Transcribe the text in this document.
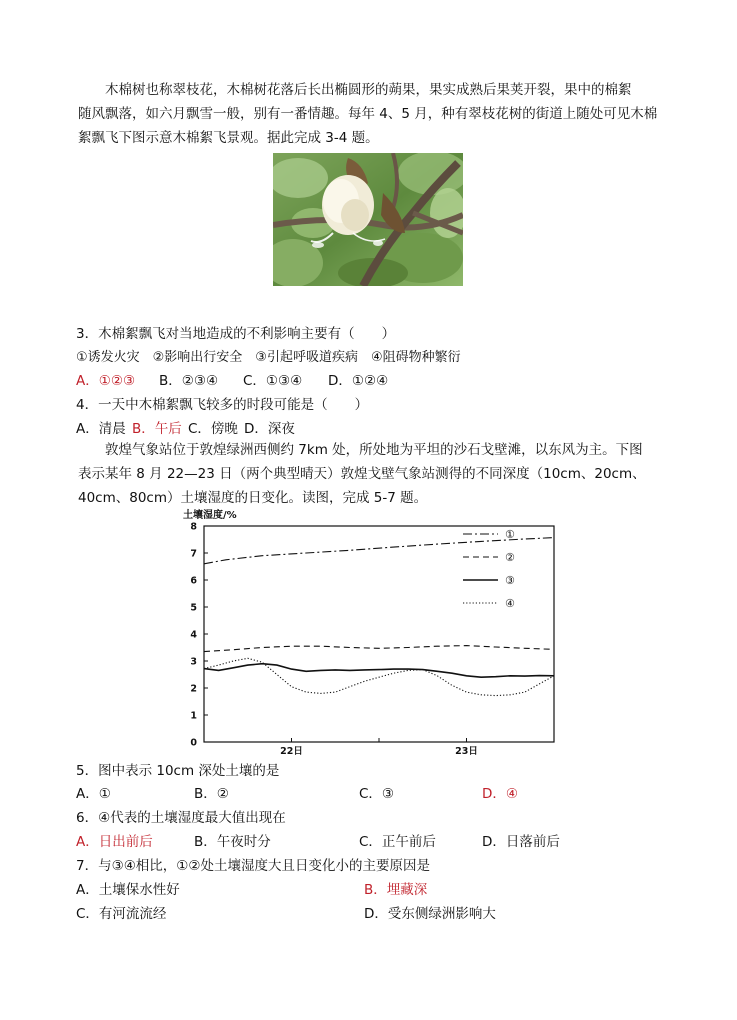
木棉树也称翠枝花，木棉树花落后长出椭圆形的蒴果，果实成熟后果荚开裂，果中的棉絮
随风飘落，如六月飘雪一般，别有一番情趣。每年 4、5 月，种有翠枝花树的街道上随处可见木棉
絮飘飞下图示意木棉絮飞景观。据此完成 3-4 题。
3．木棉絮飘飞对当地造成的不利影响主要有（　　）
①诱发火灾　②影响出行安全　③引起呼吸道疾病　④阻碍物种繁衍
A．①②③ B．②③④ C．①③④ D．①②④
4．一天中木棉絮飘飞较多的时段可能是（　　）
A．清晨 B．午后 C．傍晚 D．深夜
敦煌气象站位于敦煌绿洲西侧约 7km 处，所处地为平坦的沙石戈壁滩，以东风为主。下图
表示某年 8 月 22—23 日（两个典型晴天）敦煌戈壁气象站测得的不同深度（10cm、20cm、
40cm、80cm）土壤湿度的日变化。读图，完成 5-7 题。
土壤湿度/%
0
1
2
3
4
5
6
7
8
22日	23日
①
②
③
④
5．图中表示 10cm 深处土壤的是
A．①	B．②	C．③	D．④
6．④代表的土壤湿度最大值出现在
A．日出前后	B．午夜时分	C．正午前后	D．日落前后
7．与③④相比，①②处土壤湿度大且日变化小的主要原因是
A．土壤保水性好	B．埋藏深
C．有河流流经	D．受东侧绿洲影响大
